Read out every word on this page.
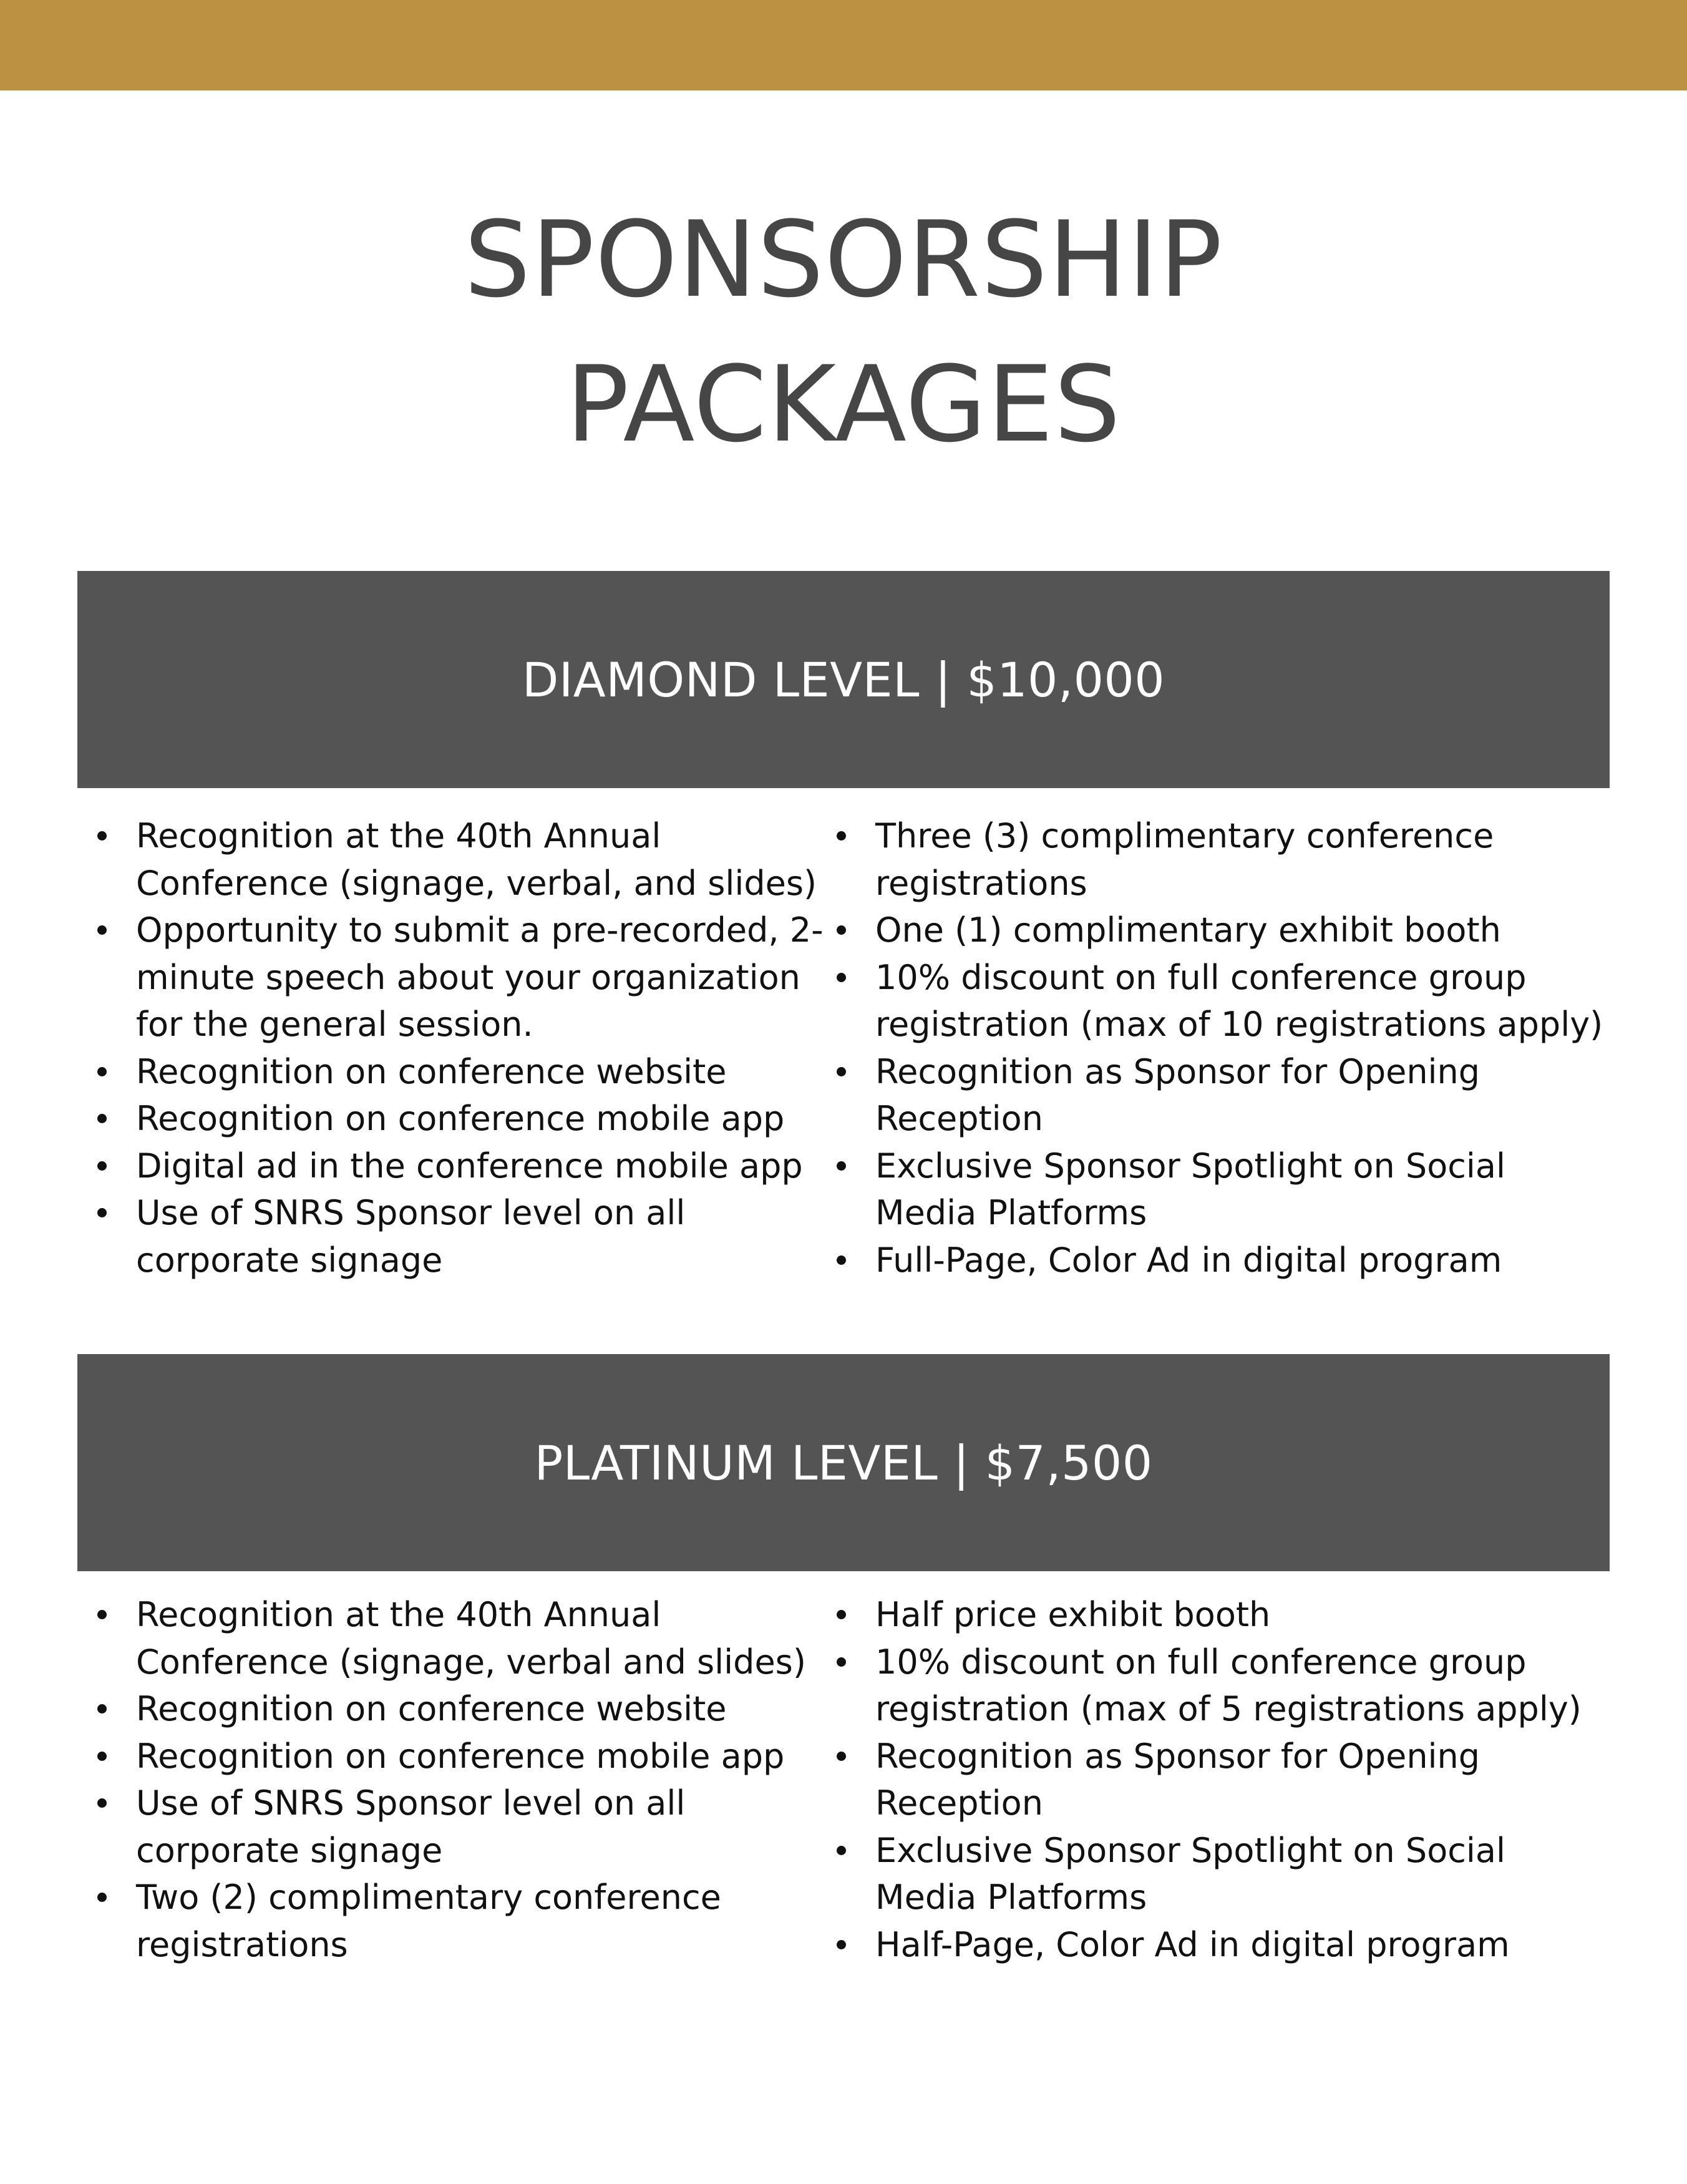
SPONSORSHIP
PACKAGES
DIAMOND LEVEL | $10,000
Recognition at the 40th Annual Conference (signage, verbal, and slides)
Opportunity to submit a pre-recorded, 2-minute speech about your organization for the general session.
Recognition on conference website
Recognition on conference mobile app
Digital ad in the conference mobile app
Use of SNRS Sponsor level on all corporate signage
Three (3) complimentary conference registrations
One (1) complimentary exhibit booth
10% discount on full conference group registration (max of 10 registrations apply)
Recognition as Sponsor for Opening Reception
Exclusive Sponsor Spotlight on Social Media Platforms
Full-Page, Color Ad in digital program
PLATINUM LEVEL | $7,500
Recognition at the 40th Annual Conference (signage, verbal and slides)
Recognition on conference website
Recognition on conference mobile app
Use of SNRS Sponsor level on all corporate signage
Two (2) complimentary conference registrations
Half price exhibit booth
10% discount on full conference group registration (max of 5 registrations apply)
Recognition as Sponsor for Opening Reception
Exclusive Sponsor Spotlight on Social Media Platforms
Half-Page, Color Ad in digital program
